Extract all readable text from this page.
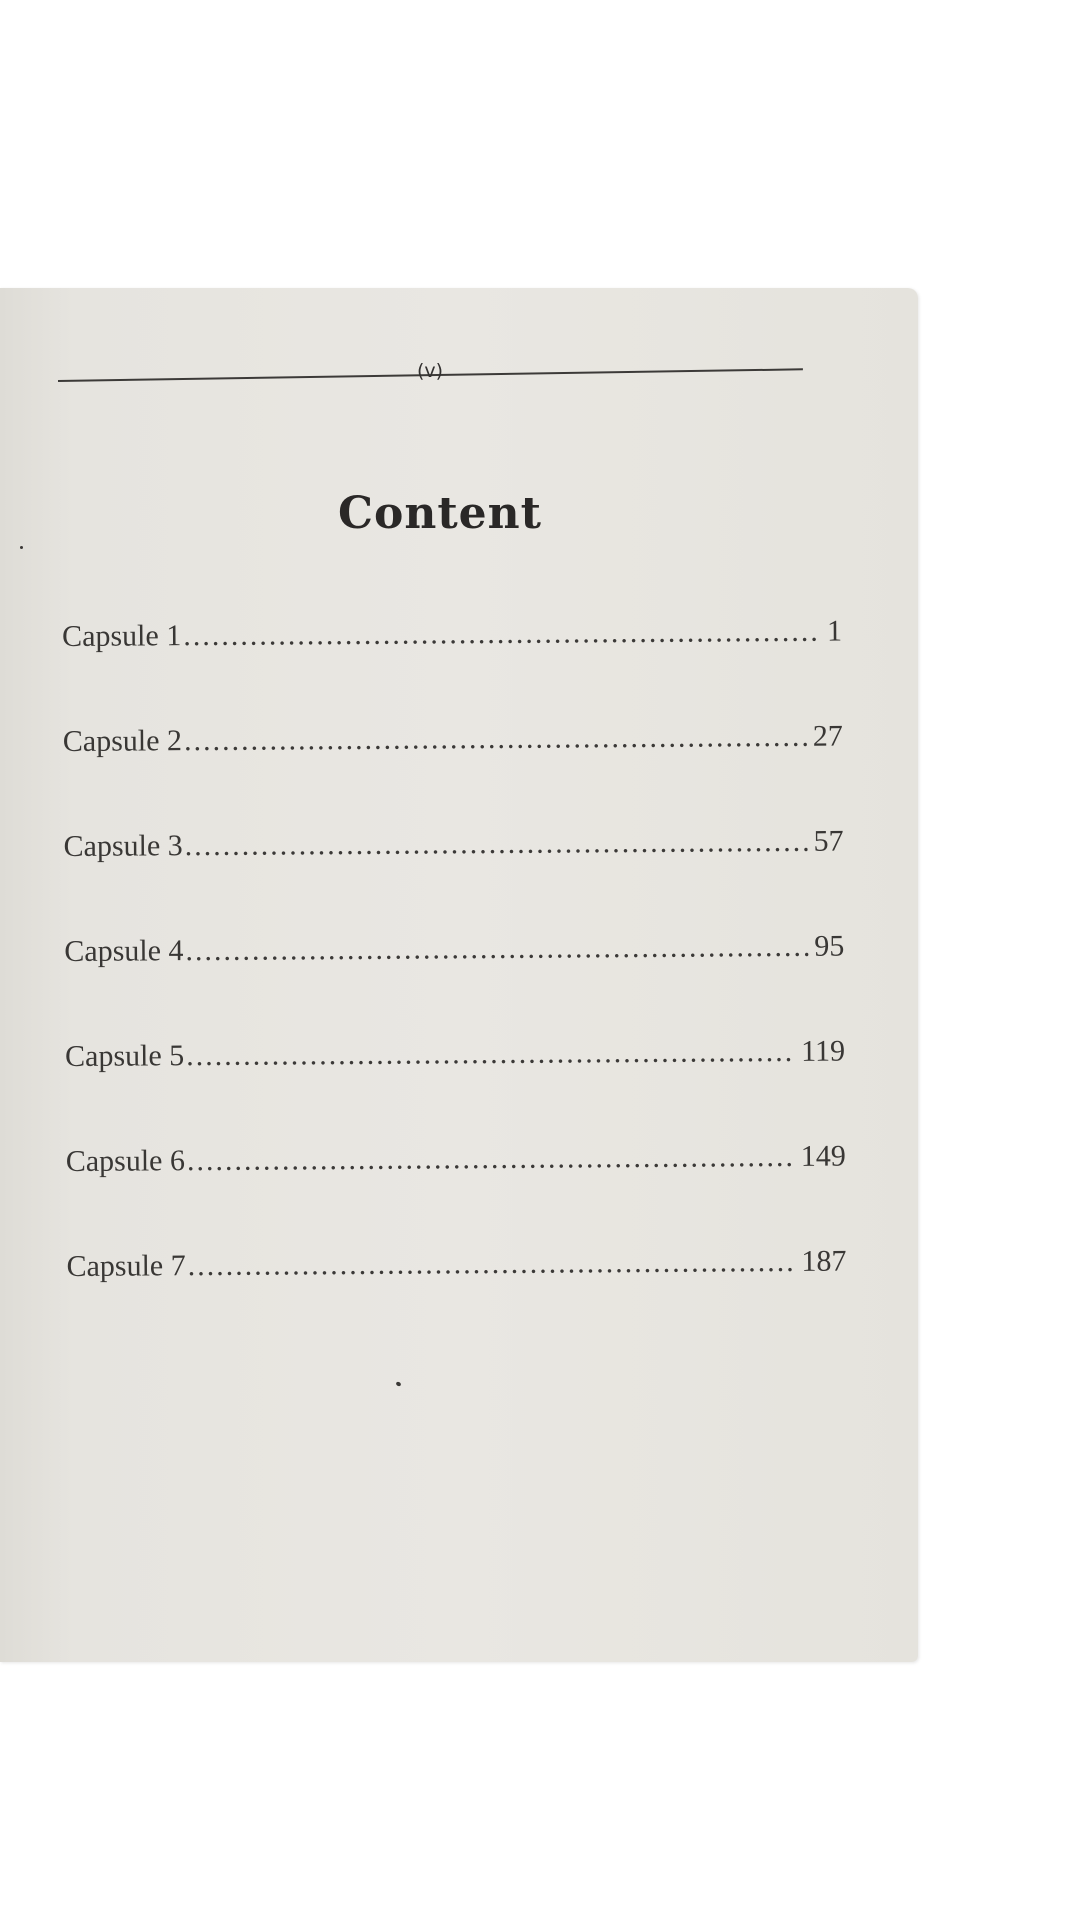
(v)
Content
Capsule 1 .....	1
Capsule 2 .....	27
Capsule 3 .....	57
Capsule 4 .....	95
Capsule 5 .....	119
Capsule 6 .....	149
Capsule 7 .....	187
